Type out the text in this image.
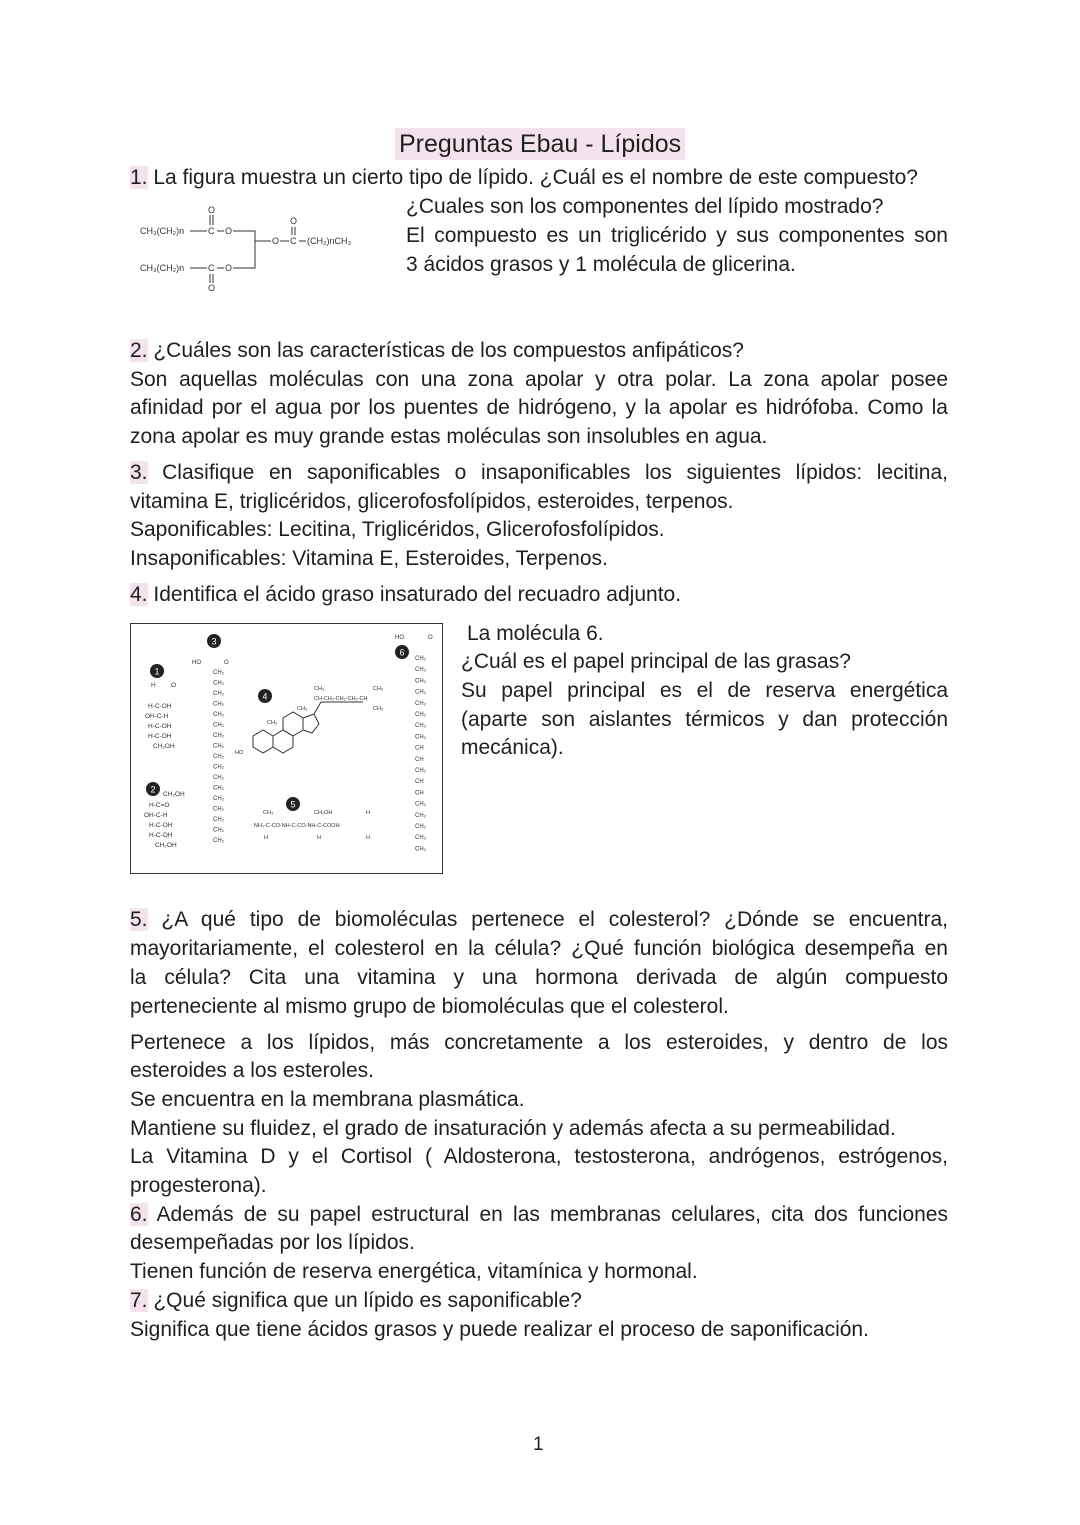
Preguntas Ebau - Lípidos
1. La figura muestra un cierto tipo de lípido. ¿Cuál es el nombre de este compuesto?
CH₃(CH₂)n
CH₃(CH₂)n
O
C O
C
O
O
O
O
C (CH₂)nCH₃
¿Cuales son los componentes del lípido mostrado?
El compuesto es un triglicérido y sus componentes son
3 ácidos grasos y 1 molécula de glicerina.
2. ¿Cuáles son las características de los compuestos anfipáticos?
Son aquellas moléculas con una zona apolar y otra polar. La zona apolar posee
afinidad por el agua por los puentes de hidrógeno, y la apolar es hidrófoba. Como la
zona apolar es muy grande estas moléculas son insolubles en agua.
3. Clasifique en saponificables o insaponificables los siguientes lípidos: lecitina,
vitamina E, triglicéridos, glicerofosfolípidos, esteroides, terpenos.
Saponificables: Lecitina, Triglicéridos, Glicerofosfolípidos.
Insaponificables: Vitamina E, Esteroides, Terpenos.
4. Identifica el ácido graso insaturado del recuadro adjunto.
1
2
3
4
5
6
H O
H-C-OH
OH-C-H
H-C-OH
H-C-OH
CH₂OH
CH₂OH
H-C=O
OH-C-H
H-C-OH
H-C-OH
CH₂OH
HO	O
CH₂
CH₂
CH₂
CH₂
CH₂
CH₂
CH₂
CH₂
CH₂
CH₂
CH₂
CH₂
CH₂
CH₂
CH₂
CH₂
CH₂
HO
CH₃
CH₃
CH₃
CH-CH₂-CH₂-CH₂-CH
CH₃
CH₃
CH₃	CH₂OH	H
NH₂-C-CO-NH-C-CO-NH-C-COOH
H	H	H
HO	O
CH₂
CH₂
CH₂
CH₂
CH₂
CH₂
CH₂
CH₂
CH
CH
CH₂
CH
CH
CH₂
CH₂
CH₂
CH₂
CH₂
La molécula 6.
¿Cuál es el papel principal de las grasas?
Su papel principal es el de reserva energética
(aparte son aislantes térmicos y dan protección
mecánica).
5. ¿A qué tipo de biomoléculas pertenece el colesterol? ¿Dónde se encuentra,
mayoritariamente, el colesterol en la célula? ¿Qué función biológica desempeña en
la célula? Cita una vitamina y una hormona derivada de algún compuesto
perteneciente al mismo grupo de biomoléculas que el colesterol.
Pertenece a los lípidos, más concretamente a los esteroides, y dentro de los
esteroides a los esteroles.
Se encuentra en la membrana plasmática.
Mantiene su fluidez, el grado de insaturación y además afecta a su permeabilidad.
La Vitamina D y el Cortisol ( Aldosterona, testosterona, andrógenos, estrógenos,
progesterona).
6. Además de su papel estructural en las membranas celulares, cita dos funciones
desempeñadas por los lípidos.
Tienen función de reserva energética, vitamínica y hormonal.
7. ¿Qué significa que un lípido es saponificable?
Significa que tiene ácidos grasos y puede realizar el proceso de saponificación.
1
